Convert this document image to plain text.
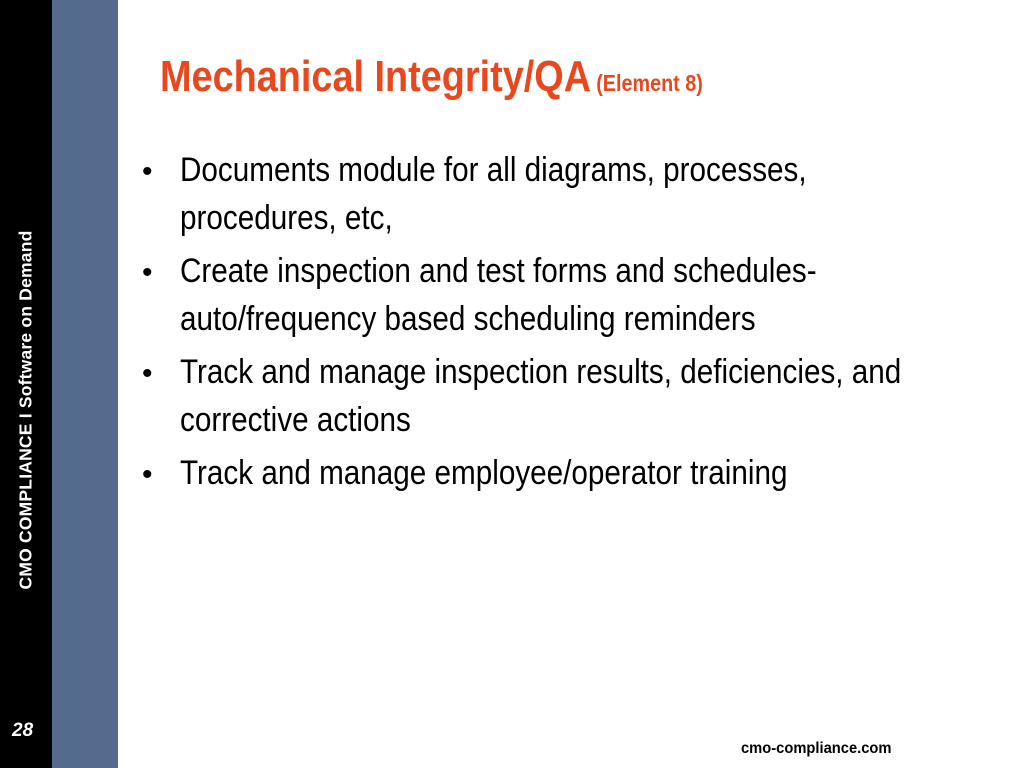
CMO COMPLIANCE I Software on Demand
28
Mechanical Integrity/QA (Element 8)
• Documents module for all diagrams, processes, procedures, etc,
• Create inspection and test forms and schedules- auto/frequency based scheduling reminders
• Track and manage inspection results, deficiencies, and corrective actions
• Track and manage employee/operator training
cmo-compliance.com
